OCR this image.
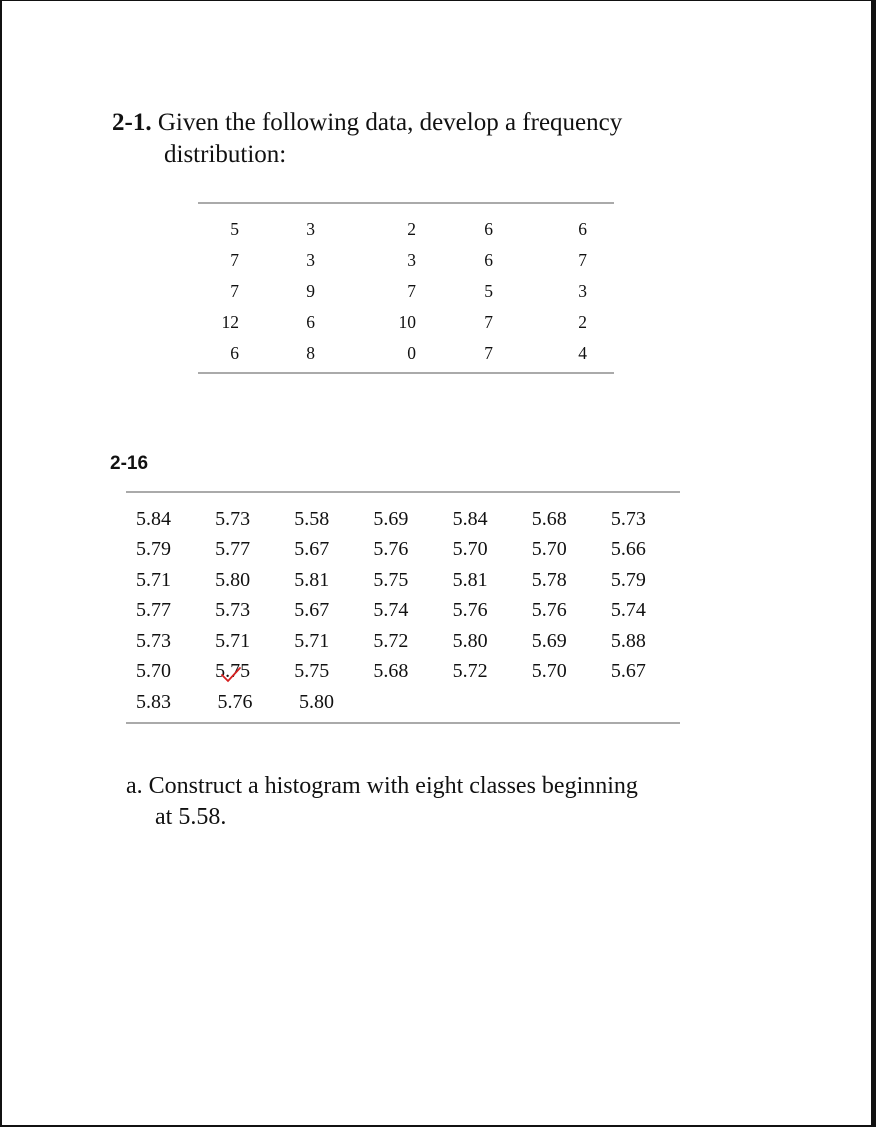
2-1. Given the following data, develop a frequency
distribution:
5	3	2	6	6
7	3	3	6	7
7	9	7	5	3
12	6	10	7	2
6	8	0	7	4
2-16
5.84	5.73	5.58	5.69	5.84	5.68	5.73
5.79	5.77	5.67	5.76	5.70	5.70	5.66
5.71	5.80	5.81	5.75	5.81	5.78	5.79
5.77	5.73	5.67	5.74	5.76	5.76	5.74
5.73	5.71	5.71	5.72	5.80	5.69	5.88
5.70	5.75	5.75	5.68	5.72	5.70	5.67
5.83	5.76	5.80
a. Construct a histogram with eight classes beginning
at 5.58.
